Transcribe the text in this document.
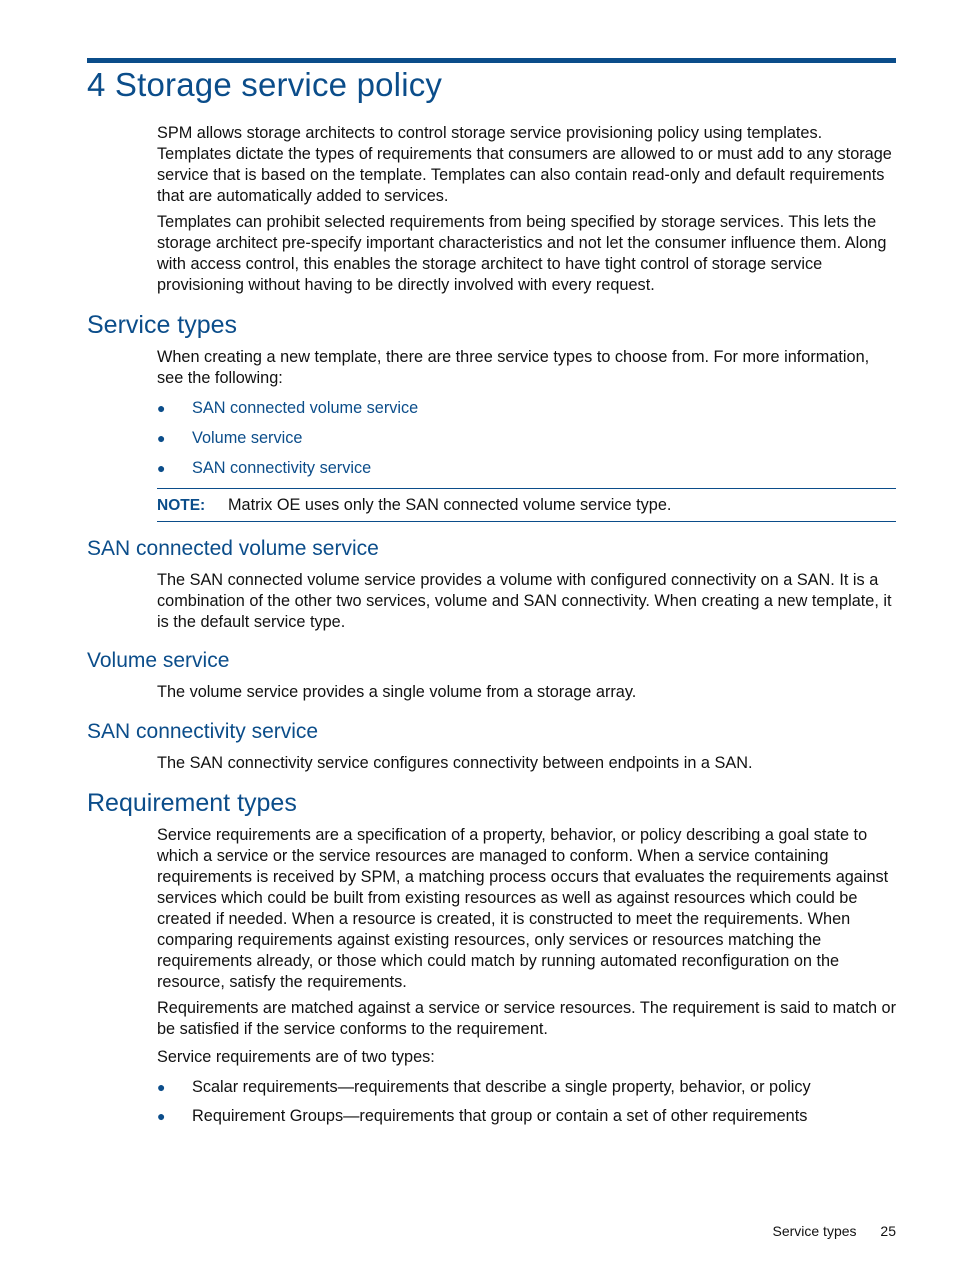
4 Storage service policy

SPM allows storage architects to control storage service provisioning policy using templates. Templates dictate the types of requirements that consumers are allowed to or must add to any storage service that is based on the template. Templates can also contain read-only and default requirements that are automatically added to services.

Templates can prohibit selected requirements from being specified by storage services. This lets the storage architect pre-specify important characteristics and not let the consumer influence them. Along with access control, this enables the storage architect to have tight control of storage service provisioning without having to be directly involved with every request.

Service types

When creating a new template, there are three service types to choose from. For more information, see the following:

● SAN connected volume service
● Volume service
● SAN connectivity service
NOTE: Matrix OE uses only the SAN connected volume service type.
SAN connected volume service

The SAN connected volume service provides a volume with configured connectivity on a SAN. It is a combination of the other two services, volume and SAN connectivity. When creating a new template, it is the default service type.

Volume service

The volume service provides a single volume from a storage array.

SAN connectivity service

The SAN connectivity service configures connectivity between endpoints in a SAN.

Requirement types

Service requirements are a specification of a property, behavior, or policy describing a goal state to which a service or the service resources are managed to conform. When a service containing requirements is received by SPM, a matching process occurs that evaluates the requirements against services which could be built from existing resources as well as against resources which could be created if needed. When a resource is created, it is constructed to meet the requirements. When comparing requirements against existing resources, only services or resources matching the requirements already, or those which could match by running automated reconfiguration on the resource, satisfy the requirements.

Requirements are matched against a service or service resources. The requirement is said to match or be satisfied if the service conforms to the requirement.

Service requirements are of two types:

● Scalar requirements—requirements that describe a single property, behavior, or policy
● Requirement Groups—requirements that group or contain a set of other requirements
Service types 25
